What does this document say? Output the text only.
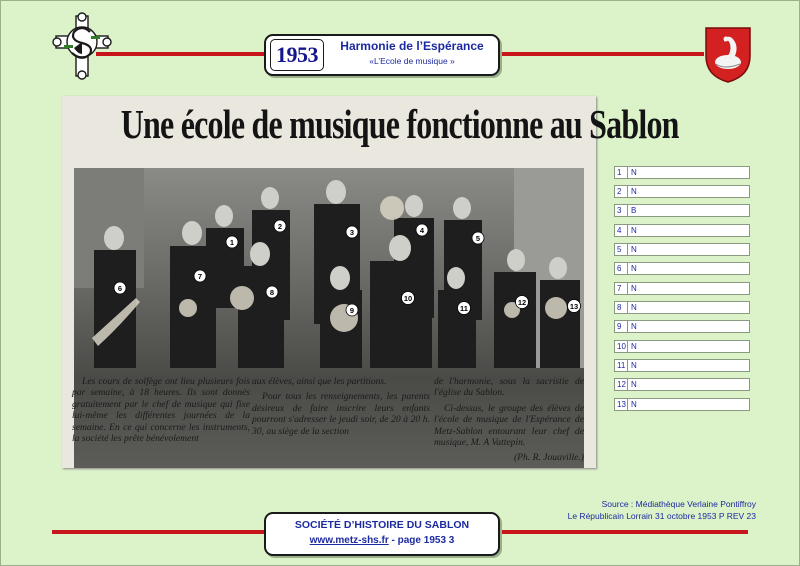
1953	Harmonie de l’Espérance
«L’Ecole de musique »
Une école de musique fonctionne au Sablon
1
2
3	4
5
6
7
8
9
10
11
12	13

Les cours de solfège ont lieu plusieurs fois par semaine, à 18 heures. Ils sont donnés gratuitement par le chef de musique qui fixe lui-même les différentes journées de la semaine. En ce qui concerne les instruments, la société les prête bénévolement

aux élèves, ainsi que les partitions.

Pour tous les renseignements, les parents désireux de faire inscrire leurs enfants pourront s'adresser le jeudi soir, de 20 à 20 h. 30, au siège de la section

de l'harmonie, sous la sacristie de l'église du Sablon.

Ci-dessus, le groupe des élèves de l'école de musique de l'Espérance de Metz-Sablon entourant leur chef de musique, M. A Vattepin.

(Ph. R. Jouaville.)

1	N
2	N
3	B
4	N
5	N
6	N
7	N
8	N
9	N
10 N
11 N
12 N
13 N
Source : Médiathèque Verlaine Pontiffroy
Le Républicain Lorrain 31 octobre 1953 P REV 23
SOCIÉTÉ D’HISTOIRE DU SABLON
www.metz-shs.fr - page 1953 3
